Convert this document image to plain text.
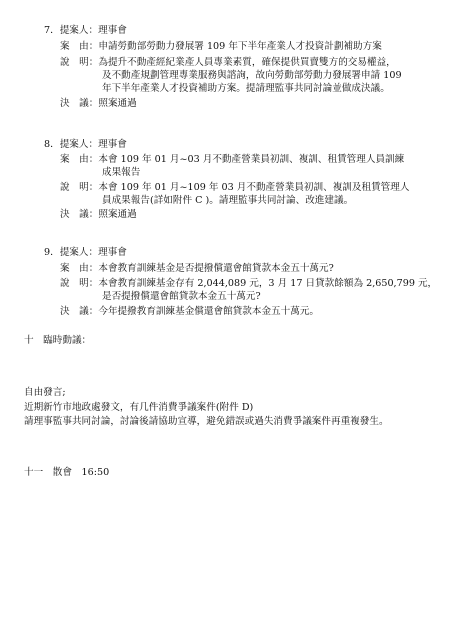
7．提案人：理事會
案　由：申請勞動部勞動力發展署 109 年下半年產業人才投資計劃補助方案
說　明：為提升不動產經紀業產人員專業素質，確保提供買賣雙方的交易權益，
及不動產規劃管理專業服務與諮詢，故向勞動部勞動力發展署申請 109
年下半年產業人才投資補助方案。提請理監事共同討論並做成決議。
決　議：照案通過
8．提案人：理事會
案　由：本會 109 年 01 月~03 月不動產營業員初訓、複訓、租賃管理人員訓練
成果報告
說　明：本會 109 年 01 月~109 年 03 月不動產營業員初訓、複訓及租賃管理人
員成果報告(詳如附件 C )。請理監事共同討論、改進建議。
決　議：照案通過
9．提案人：理事會
案　由：本會教育訓練基金是否提撥償還會館貸款本金五十萬元?
說　明：本會教育訓練基金存有 2,044,089 元，3 月 17 日貸款餘額為 2,650,799 元，
是否提撥償還會館貸款本金五十萬元?
決　議：今年提撥教育訓練基金償還會館貸款本金五十萬元。
十　臨時動議：
自由發言;
近期新竹市地政處發文，有几件消費爭議案件(附件 D)
請理事監事共同討論，討論後請協助宣導，避免錯誤或過失消費爭議案件再重複發生。
十一　散會　16:50
